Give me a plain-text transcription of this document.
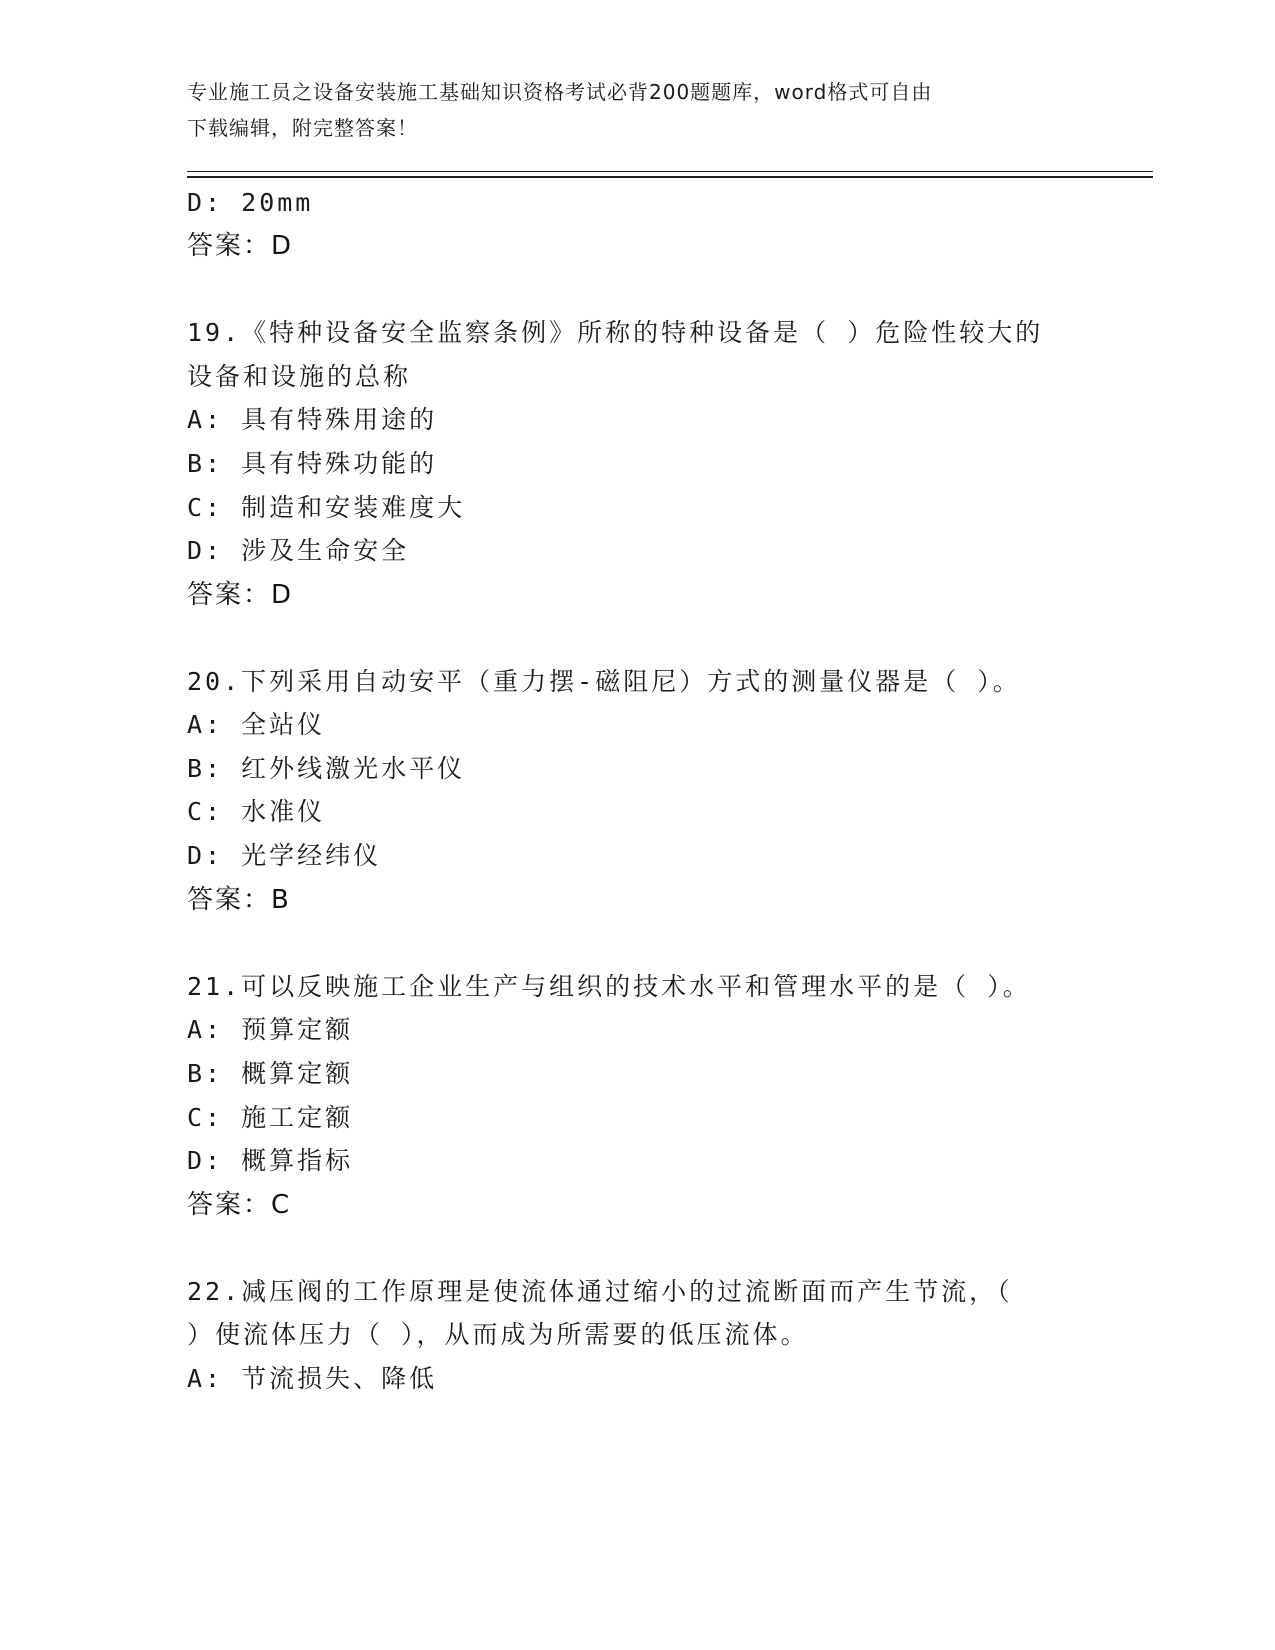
专业施工员之设备安装施工基础知识资格考试必背200题题库，word格式可自由
下载编辑，附完整答案！
D: 20mm
答案：D
19.《特种设备安全监察条例》所称的特种设备是（ ）危险性较大的
设备和设施的总称
A: 具有特殊用途的
B: 具有特殊功能的
C: 制造和安装难度大
D: 涉及生命安全
答案：D
20.下列采用自动安平（重力摆-磁阻尼）方式的测量仪器是（ ）。
A: 全站仪
B: 红外线激光水平仪
C: 水准仪
D: 光学经纬仪
答案：B
21.可以反映施工企业生产与组织的技术水平和管理水平的是（ ）。
A: 预算定额
B: 概算定额
C: 施工定额
D: 概算指标
答案：C
22.减压阀的工作原理是使流体通过缩小的过流断面而产生节流，（
）使流体压力（ ），从而成为所需要的低压流体。
A: 节流损失、降低
